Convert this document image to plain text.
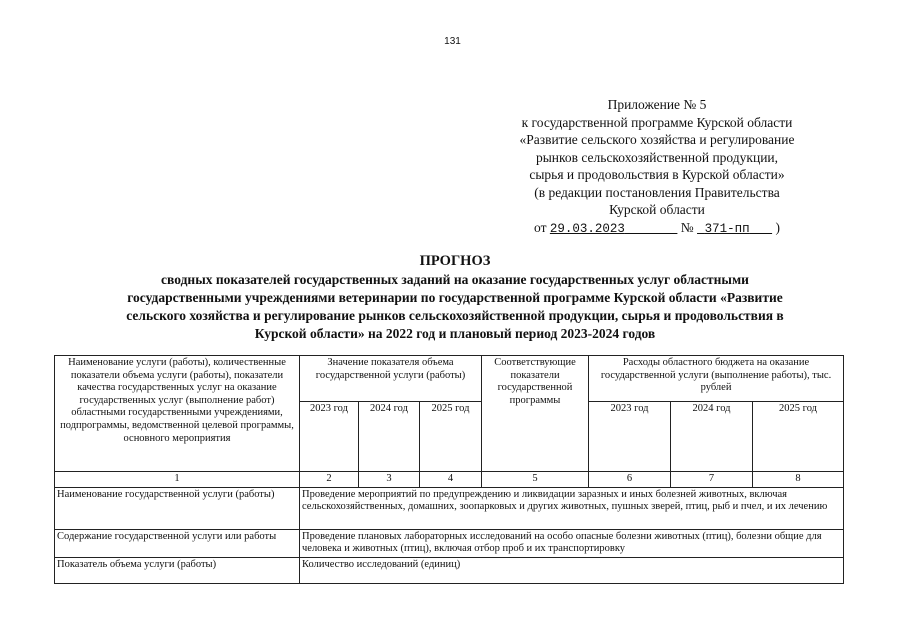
131
Приложение № 5
к государственной программе Курской области
«Развитие сельского хозяйства и регулирование
рынков сельскохозяйственной продукции,
сырья и продовольствия в Курской области»
(в редакции постановления Правительства
Курской области
от 29.03.2023	№ 371-пп )
ПРОГНОЗ
сводных показателей государственных заданий на оказание государственных услуг областными
государственными учреждениями ветеринарии по государственной программе Курской области «Развитие
сельского хозяйства и регулирование рынков сельскохозяйственной продукции, сырья и продовольствия в
Курской области» на 2022 год и плановый период 2023-2024 годов
Наименование услуги (работы), количественные показатели объема услуги (работы), показатели качества государственных услуг на оказание государственных услуг (выполнение работ) областными государственными учреждениями, подпрограммы, ведомственной целевой программы, основного мероприятия	Значение показателя объема государственной услуги (работы)			Соответствующие показатели государственной программы	Расходы областного бюджета на оказание государственной услуги (выполнение работы), тыс. рублей		
	2023 год	2024 год	2025 год		2023 год	2024 год	2025 год
1	2	3	4	5	6	7	8
Наименование государственной услуги (работы)	Проведение мероприятий по предупреждению и ликвидации заразных и иных болезней животных, включая сельскохозяйственных, домашних, зоопарковых и других животных, пушных зверей, птиц, рыб и пчел, и их лечению						
Содержание государственной услуги или работы	Проведение плановых лабораторных исследований на особо опасные болезни животных (птиц), болезни общие для человека и животных (птиц), включая отбор проб и их транспортировку						
Показатель объема услуги (работы)	Количество исследований (единиц)						
